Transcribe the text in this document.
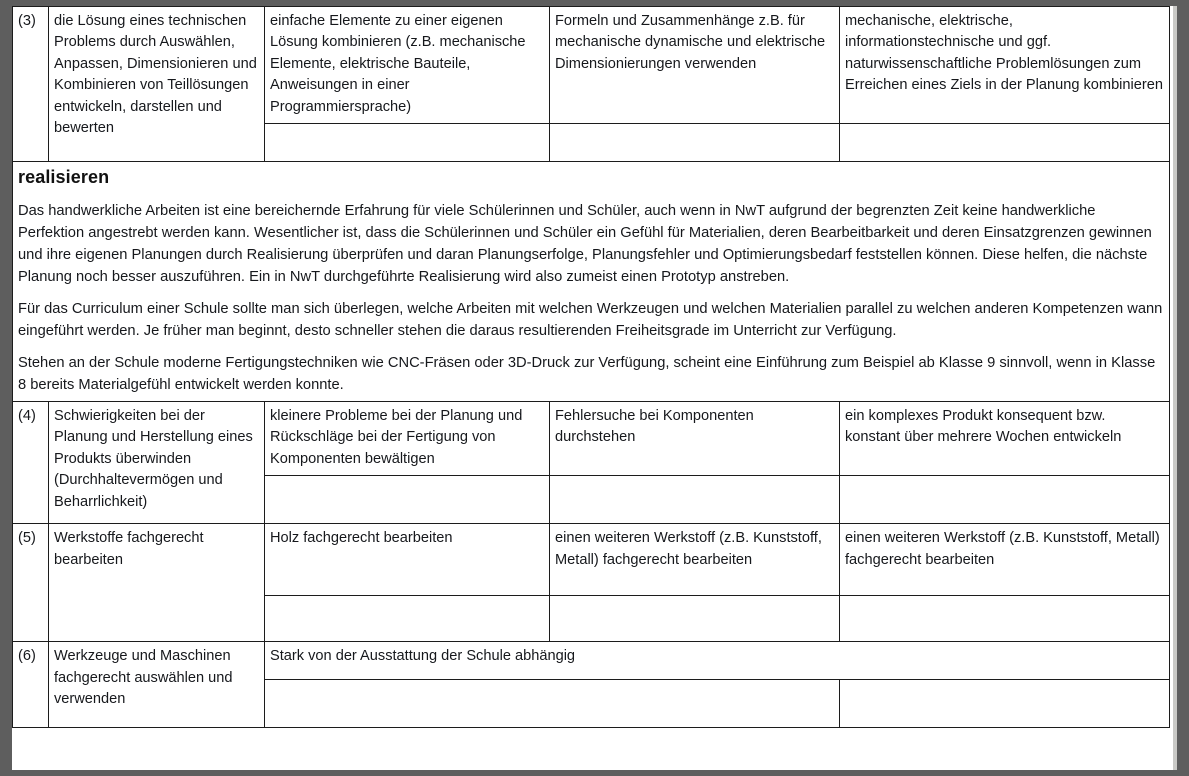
(3)	die Lösung eines technischen Problems durch Auswählen, Anpassen, Dimensionieren und Kombinieren von Teillösungen entwickeln, darstellen und bewerten	einfache Elemente zu einer eigenen Lösung kombinieren (z.B. mechanische Elemente, elektrische Bauteile, Anweisungen in einer Programmiersprache)	Formeln und Zusammenhänge z.B. für mechanische dynamische und elektrische Dimensionierungen verwenden	mechanische, elektrische, informationstechnische und ggf. naturwissenschaftliche Problemlösungen zum Erreichen eines Ziels in der Planung kombinieren

realisieren

Das handwerkliche Arbeiten ist eine bereichernde Erfahrung für viele Schülerinnen und Schüler, auch wenn in NwT aufgrund der begrenzten Zeit keine handwerkliche Perfektion angestrebt werden kann. Wesentlicher ist, dass die Schülerinnen und Schüler ein Gefühl für Materialien, deren Bearbeitbarkeit und deren Einsatzgrenzen gewinnen und ihre eigenen Planungen durch Realisierung überprüfen und daran Planungserfolge, Planungsfehler und Optimierungsbedarf feststellen können. Diese helfen, die nächste Planung noch besser auszuführen. Ein in NwT durchgeführte Realisierung wird also zumeist einen Prototyp anstreben.

Für das Curriculum einer Schule sollte man sich überlegen, welche Arbeiten mit welchen Werkzeugen und welchen Materialien parallel zu welchen anderen Kompetenzen wann eingeführt werden. Je früher man beginnt, desto schneller stehen die daraus resultierenden Freiheitsgrade im Unterricht zur Verfügung.

Stehen an der Schule moderne Fertigungstechniken wie CNC-Fräsen oder 3D-Druck zur Verfügung, scheint eine Einführung zum Beispiel ab Klasse 9 sinnvoll, wenn in Klasse 8 bereits Materialgefühl entwickelt werden konnte.				

(4)	Schwierigkeiten bei der Planung und Herstellung eines Produkts überwinden (Durchhaltevermögen und Beharrlichkeit)	kleinere Probleme bei der Planung und Rückschläge bei der Fertigung von Komponenten bewältigen	Fehlersuche bei Komponenten durchstehen	ein komplexes Produkt konsequent bzw. konstant über mehrere Wochen entwickeln

(5)	Werkstoffe fachgerecht bearbeiten	Holz fachgerecht bearbeiten	einen weiteren Werkstoff (z.B. Kunststoff, Metall) fachgerecht bearbeiten	einen weiteren Werkstoff (z.B. Kunststoff, Metall) fachgerecht bearbeiten

(6)	Werkzeuge und Maschinen fachgerecht auswählen und verwenden	Stark von der Ausstattung der Schule abhängig		
